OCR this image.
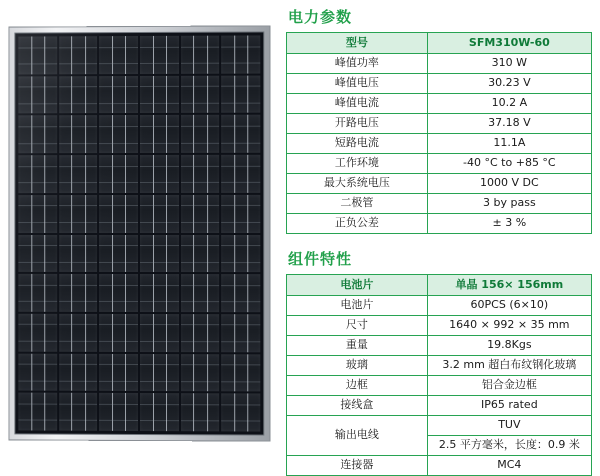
电力参数
型号	SFM310W-60
峰值功率	310 W
峰值电压	30.23 V
峰值电流	10.2 A
开路电压	37.18 V
短路电流	11.1A
工作环境	-40 °C to +85 °C
最大系统电压	1000 V DC
二极管	3 by pass
正负公差	± 3 %
组件特性
电池片	单晶 156× 156mm
电池片	60PCS (6×10)
尺寸	1640 × 992 × 35 mm
重量	19.8Kgs
玻璃	3.2 mm 超白布纹钢化玻璃
边框	铝合金边框
接线盒	IP65 rated
输出电线	TUV
	2.5 平方毫米，长度：0.9 米
连接器	MC4
